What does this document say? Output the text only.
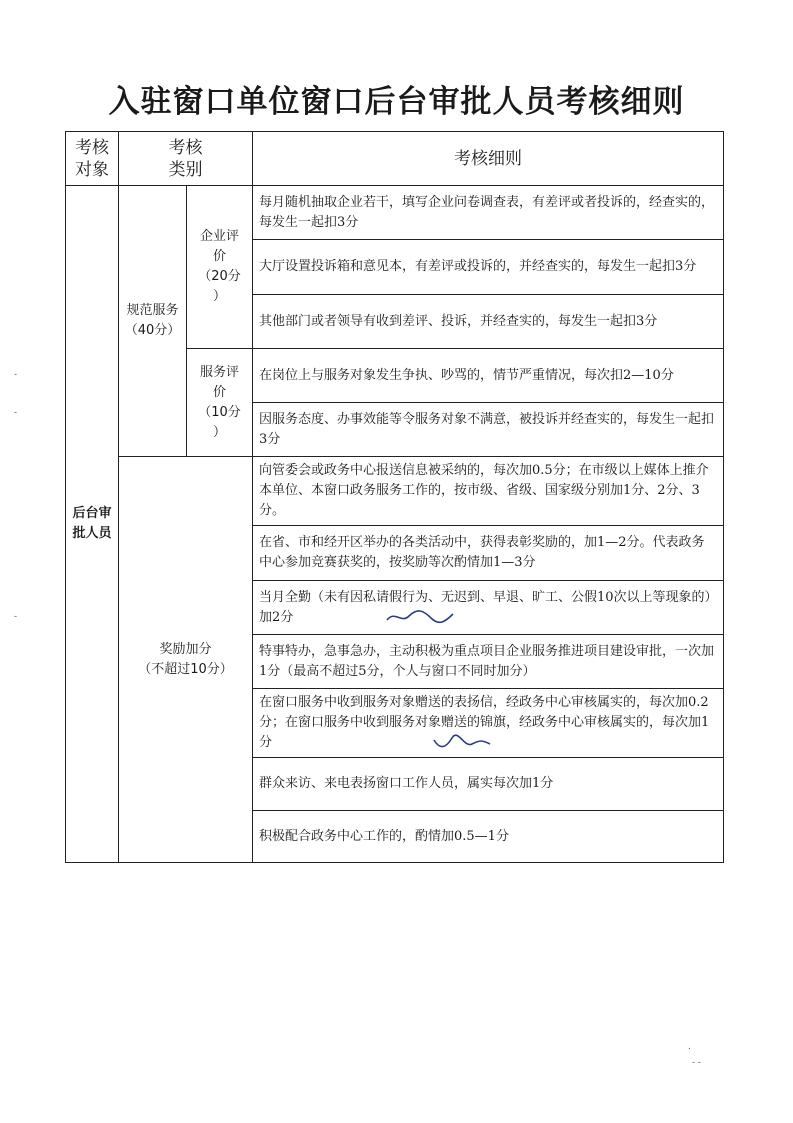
入驻窗口单位窗口后台审批人员考核细则
考核
对象
考核
类别
考核细则
后台审
批人员
规范服务
（40分）
企业评
价
（20分
）
每月随机抽取企业若干，填写企业问卷调查表，有差评或者投诉的，经查实的，每发生一起扣3分
大厅设置投诉箱和意见本，有差评或投诉的，并经查实的，每发生一起扣3分
其他部门或者领导有收到差评、投诉，并经查实的，每发生一起扣3分
服务评
价
（10分
）
在岗位上与服务对象发生争执、吵骂的，情节严重情况，每次扣2—10分
因服务态度、办事效能等令服务对象不满意，被投诉并经查实的，每发生一起扣3分
奖励加分
（不超过10分）
向管委会或政务中心报送信息被采纳的，每次加0.5分；在市级以上媒体上推介本单位、本窗口政务服务工作的，按市级、省级、国家级分别加1分、2分、3分。
在省、市和经开区举办的各类活动中，获得表彰奖励的，加1—2分。代表政务中心参加竞赛获奖的，按奖励等次酌情加1—3分
当月全勤（未有因私请假行为、无迟到、早退、旷工、公假10次以上等现象的）加2分
特事特办，急事急办，主动积极为重点项目企业服务推进项目建设审批，一次加1分（最高不超过5分，个人与窗口不同时加分）
在窗口服务中收到服务对象赠送的表扬信，经政务中心审核属实的，每次加0.2分；在窗口服务中收到服务对象赠送的锦旗，经政务中心审核属实的，每次加1分
群众来访、来电表扬窗口工作人员，属实每次加1分
积极配合政务中心工作的，酌情加0.5—1分
-
-
-
.
- -
